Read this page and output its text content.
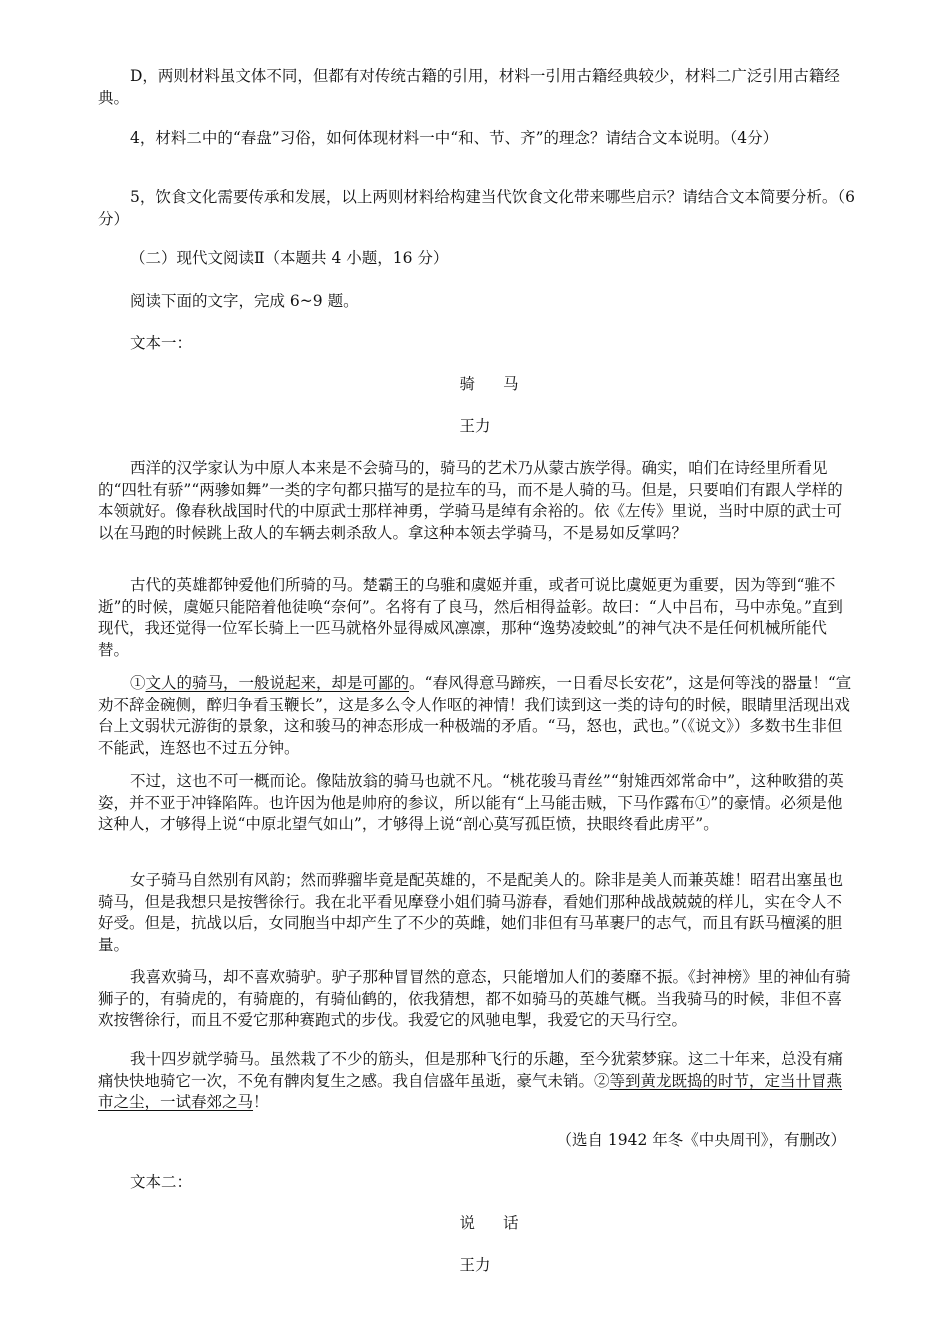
D，两则材料虽文体不同，但都有对传统古籍的引用，材料一引用古籍经典较少，材料二广泛引用古籍经典。

4，材料二中的“春盘”习俗，如何体现材料一中“和、节、齐”的理念？请结合文本说明。（4分）

5，饮食文化需要传承和发展，以上两则材料给构建当代饮食文化带来哪些启示？请结合文本简要分析。（6分）

（二）现代文阅读Ⅱ（本题共 4 小题，16 分）

阅读下面的文字，完成 6~9 题。

文本一：

骑马

王力

西洋的汉学家认为中原人本来是不会骑马的，骑马的艺术乃从蒙古族学得。确实，咱们在诗经里所看见的“四牡有骄”“两骖如舞”一类的字句都只描写的是拉车的马，而不是人骑的马。但是，只要咱们有跟人学样的本领就好。像春秋战国时代的中原武士那样神勇，学骑马是绰有余裕的。依《左传》里说，当时中原的武士可以在马跑的时候跳上敌人的车辆去刺杀敌人。拿这种本领去学骑马，不是易如反掌吗？

古代的英雄都钟爱他们所骑的马。楚霸王的乌骓和虞姬并重，或者可说比虞姬更为重要，因为等到“骓不逝”的时候，虞姬只能陪着他徒唤“奈何”。名将有了良马，然后相得益彰。故曰：“人中吕布，马中赤兔。”直到现代，我还觉得一位军长骑上一匹马就格外显得威风凛凛，那种“逸势凌蛟虬”的神气决不是任何机械所能代替。

①文人的骑马，一般说起来，却是可鄙的。“春风得意马蹄疾，一日看尽长安花”，这是何等浅的器量！“宣劝不辞金碗侧，醉归争看玉鞭长”，这是多么令人作呕的神情！我们读到这一类的诗句的时候，眼睛里活现出戏台上文弱状元游街的景象，这和骏马的神态形成一种极端的矛盾。“马，怒也，武也。”（《说文》）多数书生非但不能武，连怒也不过五分钟。

不过，这也不可一概而论。像陆放翁的骑马也就不凡。“桃花骏马青丝”“射雉西郊常命中”，这种畋猎的英姿，并不亚于冲锋陷阵。也许因为他是帅府的参议，所以能有“上马能击贼，下马作露布①”的豪情。必须是他这种人，才够得上说“中原北望气如山”，才够得上说“剖心莫写孤臣愤，抉眼终看此虏平”。

女子骑马自然别有风韵；然而骅骝毕竟是配英雄的，不是配美人的。除非是美人而兼英雄！昭君出塞虽也骑马，但是我想只是按辔徐行。我在北平看见摩登小姐们骑马游春，看她们那种战战兢兢的样儿，实在令人不好受。但是，抗战以后，女同胞当中却产生了不少的英雌，她们非但有马革裹尸的志气，而且有跃马檀溪的胆量。

我喜欢骑马，却不喜欢骑驴。驴子那种冒冒然的意态，只能增加人们的萎靡不振。《封神榜》里的神仙有骑狮子的，有骑虎的，有骑鹿的，有骑仙鹤的，依我猜想，都不如骑马的英雄气概。当我骑马的时候，非但不喜欢按辔徐行，而且不爱它那种赛跑式的步伐。我爱它的风驰电掣，我爱它的天马行空。

我十四岁就学骑马。虽然栽了不少的筋头，但是那种飞行的乐趣，至今犹萦梦寐。这二十年来，总没有痛痛快快地骑它一次，不免有髀肉复生之感。我自信盛年虽逝，豪气未销。②等到黄龙既捣的时节，定当卄冒燕市之尘，一试春郊之马！

（选自 1942 年冬《中央周刊》，有删改）

文本二：

说话

王力
